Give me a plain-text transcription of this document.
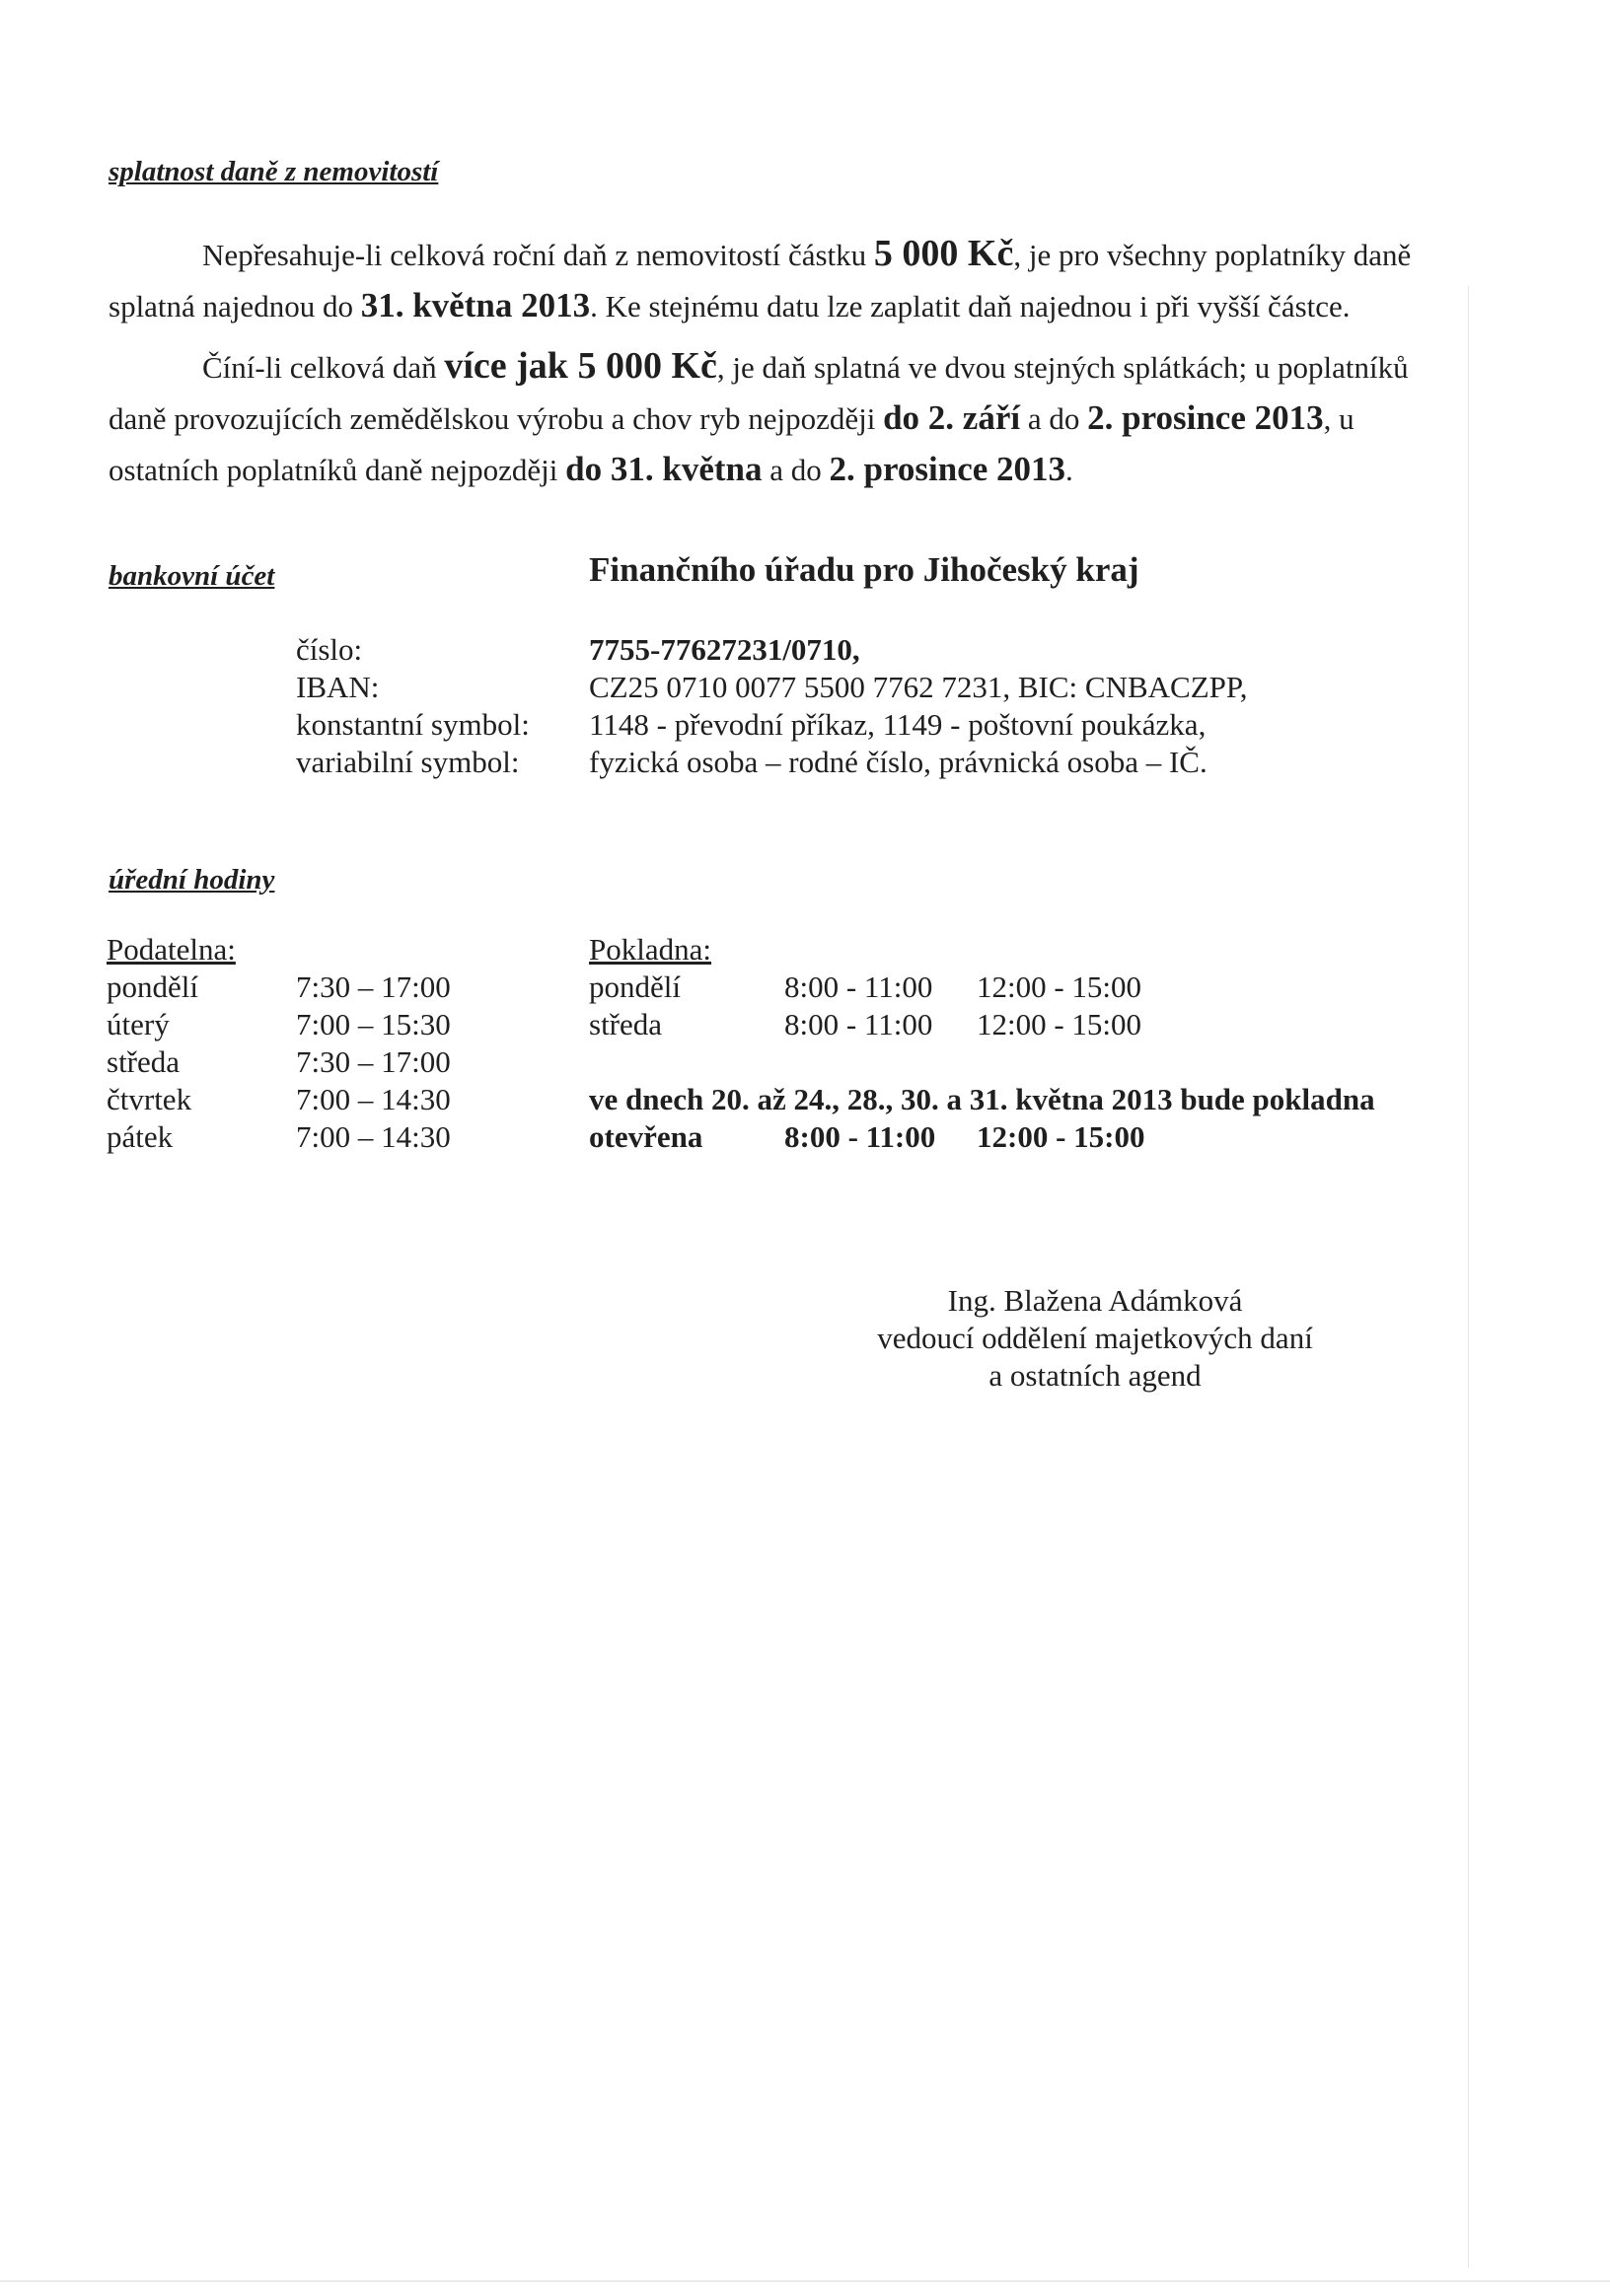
splatnost daně z nemovitostí
Nepřesahuje-li celková roční daň z nemovitostí částku 5 000 Kč, je pro všechny poplatníky daně
splatná najednou do 31. května 2013. Ke stejnému datu lze zaplatit daň najednou i při vyšší částce.
Číní-li celková daň více jak 5 000 Kč, je daň splatná ve dvou stejných splátkách; u poplatníků
daně provozujících zemědělskou výrobu a chov ryb nejpozději do 2. září a do 2. prosince 2013, u
ostatních poplatníků daně nejpozději do 31. května a do 2. prosince 2013.
bankovní účet	Finančního úřadu pro Jihočeský kraj
číslo:	7755-77627231/0710,
IBAN:	CZ25 0710 0077 5500 7762 7231, BIC: CNBACZPP,
konstantní symbol: 1148 - převodní příkaz, 1149 - poštovní poukázka,
variabilní symbol: fyzická osoba – rodné číslo, právnická osoba – IČ.
úřední hodiny
Podatelna:
pondělí	7:30 – 17:00
úterý	7:00 – 15:30
středa	7:30 – 17:00
čtvrtek	7:00 – 14:30
pátek	7:00 – 14:30
Pokladna:
pondělí	8:00 - 11:00 12:00 - 15:00
středa	8:00 - 11:00 12:00 - 15:00
ve dnech 20. až 24., 28., 30. a 31. května 2013 bude pokladna
otevřena	8:00 - 11:00 12:00 - 15:00
Ing. Blažena Adámková
vedoucí oddělení majetkových daní
a ostatních agend
